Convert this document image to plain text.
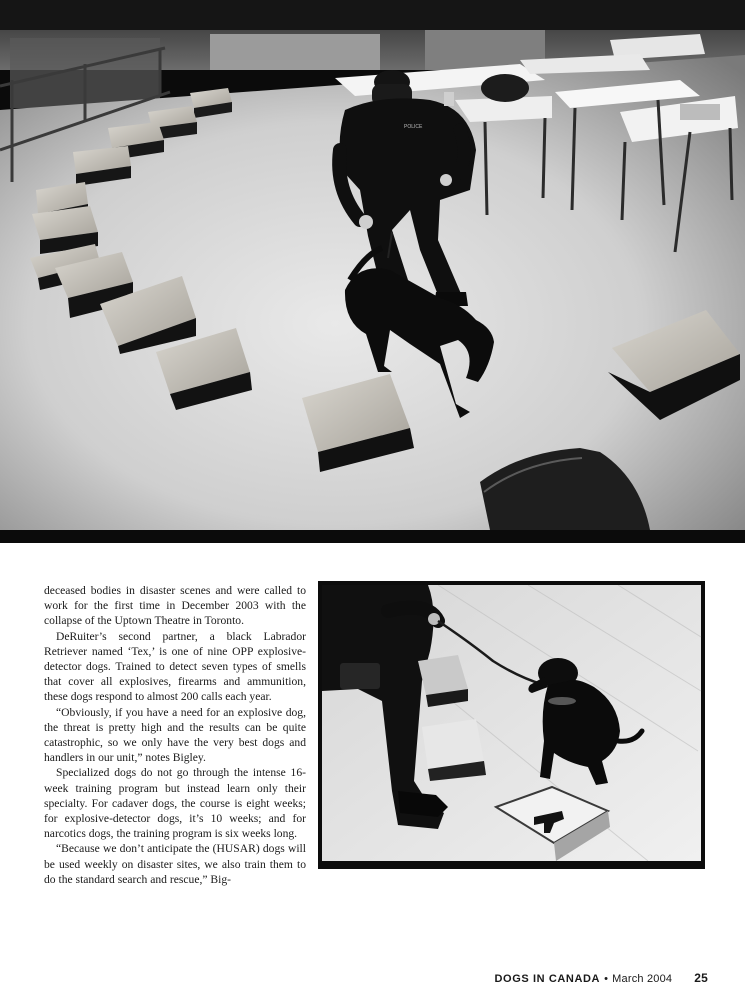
POLICE

deceased bodies in disaster scenes and were called to work for the first time in December 2003 with the collapse of the Uptown Theatre in Toronto.

DeRuiter’s second partner, a black Labrador Retriever named ‘Tex,’ is one of nine OPP explosive-detector dogs. Trained to detect seven types of smells that cover all explosives, firearms and ammunition, these dogs respond to almost 200 calls each year.

“Obviously, if you have a need for an explosive dog, the threat is pretty high and the results can be quite catastrophic, so we only have the very best dogs and handlers in our unit,” notes Bigley.

Specialized dogs do not go through the intense 16-week training program but instead learn only their specialty. For cadaver dogs, the course is eight weeks; for explosive-detector dogs, it’s 10 weeks; and for narcotics dogs, the training program is six weeks long.

“Because we don’t anticipate the (HUSAR) dogs will be used weekly on disaster sites, we also train them to do the standard search and rescue,” Big-

DOGS IN CANADA • March 2004 25
